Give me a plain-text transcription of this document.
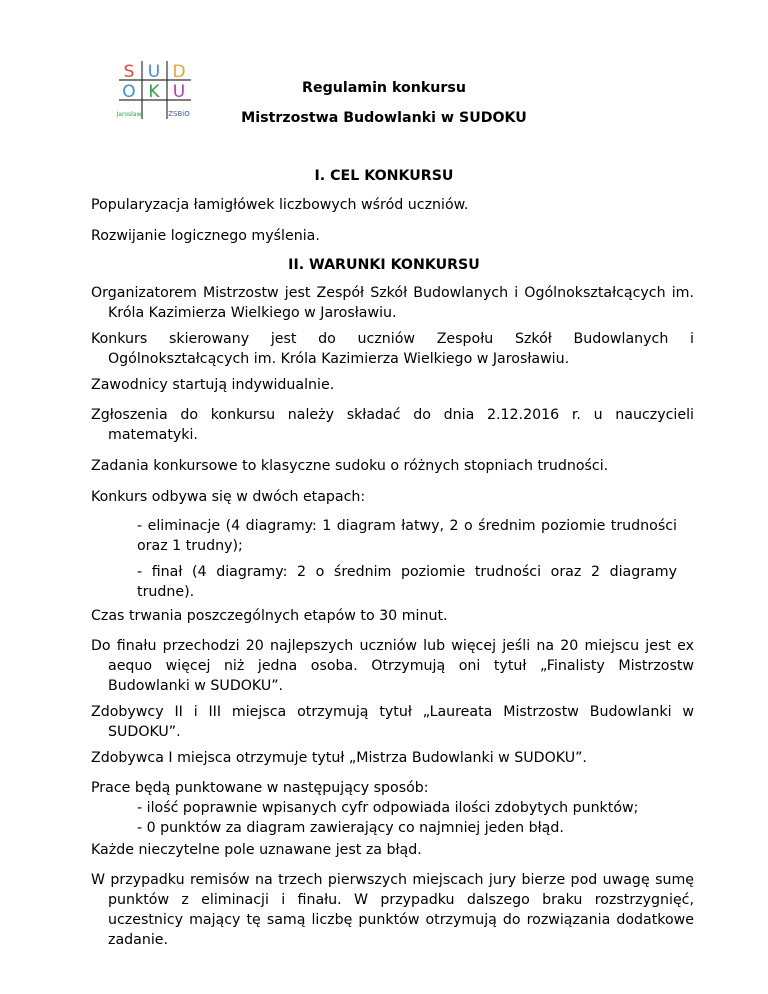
S U D
O K U
Jarosław	ZSBiO
Regulamin konkursu
Mistrzostwa Budowlanki w SUDOKU
I. CEL KONKURSU
Popularyzacja łamigłówek liczbowych wśród uczniów.
Rozwijanie logicznego myślenia.
II. WARUNKI KONKURSU
Organizatorem Mistrzostw jest Zespół Szkół Budowlanych i Ogólnokształcących im. Króla Kazimierza Wielkiego w Jarosławiu.
Konkurs skierowany jest do uczniów Zespołu Szkół Budowlanych i Ogólnokształcących im. Króla Kazimierza Wielkiego w Jarosławiu.
Zawodnicy startują indywidualnie.
Zgłoszenia do konkursu należy składać do dnia 2.12.2016 r. u nauczycieli matematyki.
Zadania konkursowe to klasyczne sudoku o różnych stopniach trudności.
Konkurs odbywa się w dwóch etapach:
- eliminacje (4 diagramy: 1 diagram łatwy, 2 o średnim poziomie trudności oraz 1 trudny);
- finał (4 diagramy: 2 o średnim poziomie trudności oraz 2 diagramy trudne).
Czas trwania poszczególnych etapów to 30 minut.
Do finału przechodzi 20 najlepszych uczniów lub więcej jeśli na 20 miejscu jest ex aequo więcej niż jedna osoba. Otrzymują oni tytuł „Finalisty Mistrzostw Budowlanki w SUDOKU”.
Zdobywcy II i III miejsca otrzymują tytuł „Laureata Mistrzostw Budowlanki w SUDOKU”.
Zdobywca I miejsca otrzymuje tytuł „Mistrza Budowlanki w SUDOKU”.
Prace będą punktowane w następujący sposób:
- ilość poprawnie wpisanych cyfr odpowiada ilości zdobytych punktów;
- 0 punktów za diagram zawierający co najmniej jeden błąd.
Każde nieczytelne pole uznawane jest za błąd.
W przypadku remisów na trzech pierwszych miejscach jury bierze pod uwagę sumę punktów z eliminacji i finału. W przypadku dalszego braku rozstrzygnięć, uczestnicy mający tę samą liczbę punktów otrzymują do rozwiązania dodatkowe zadanie.
